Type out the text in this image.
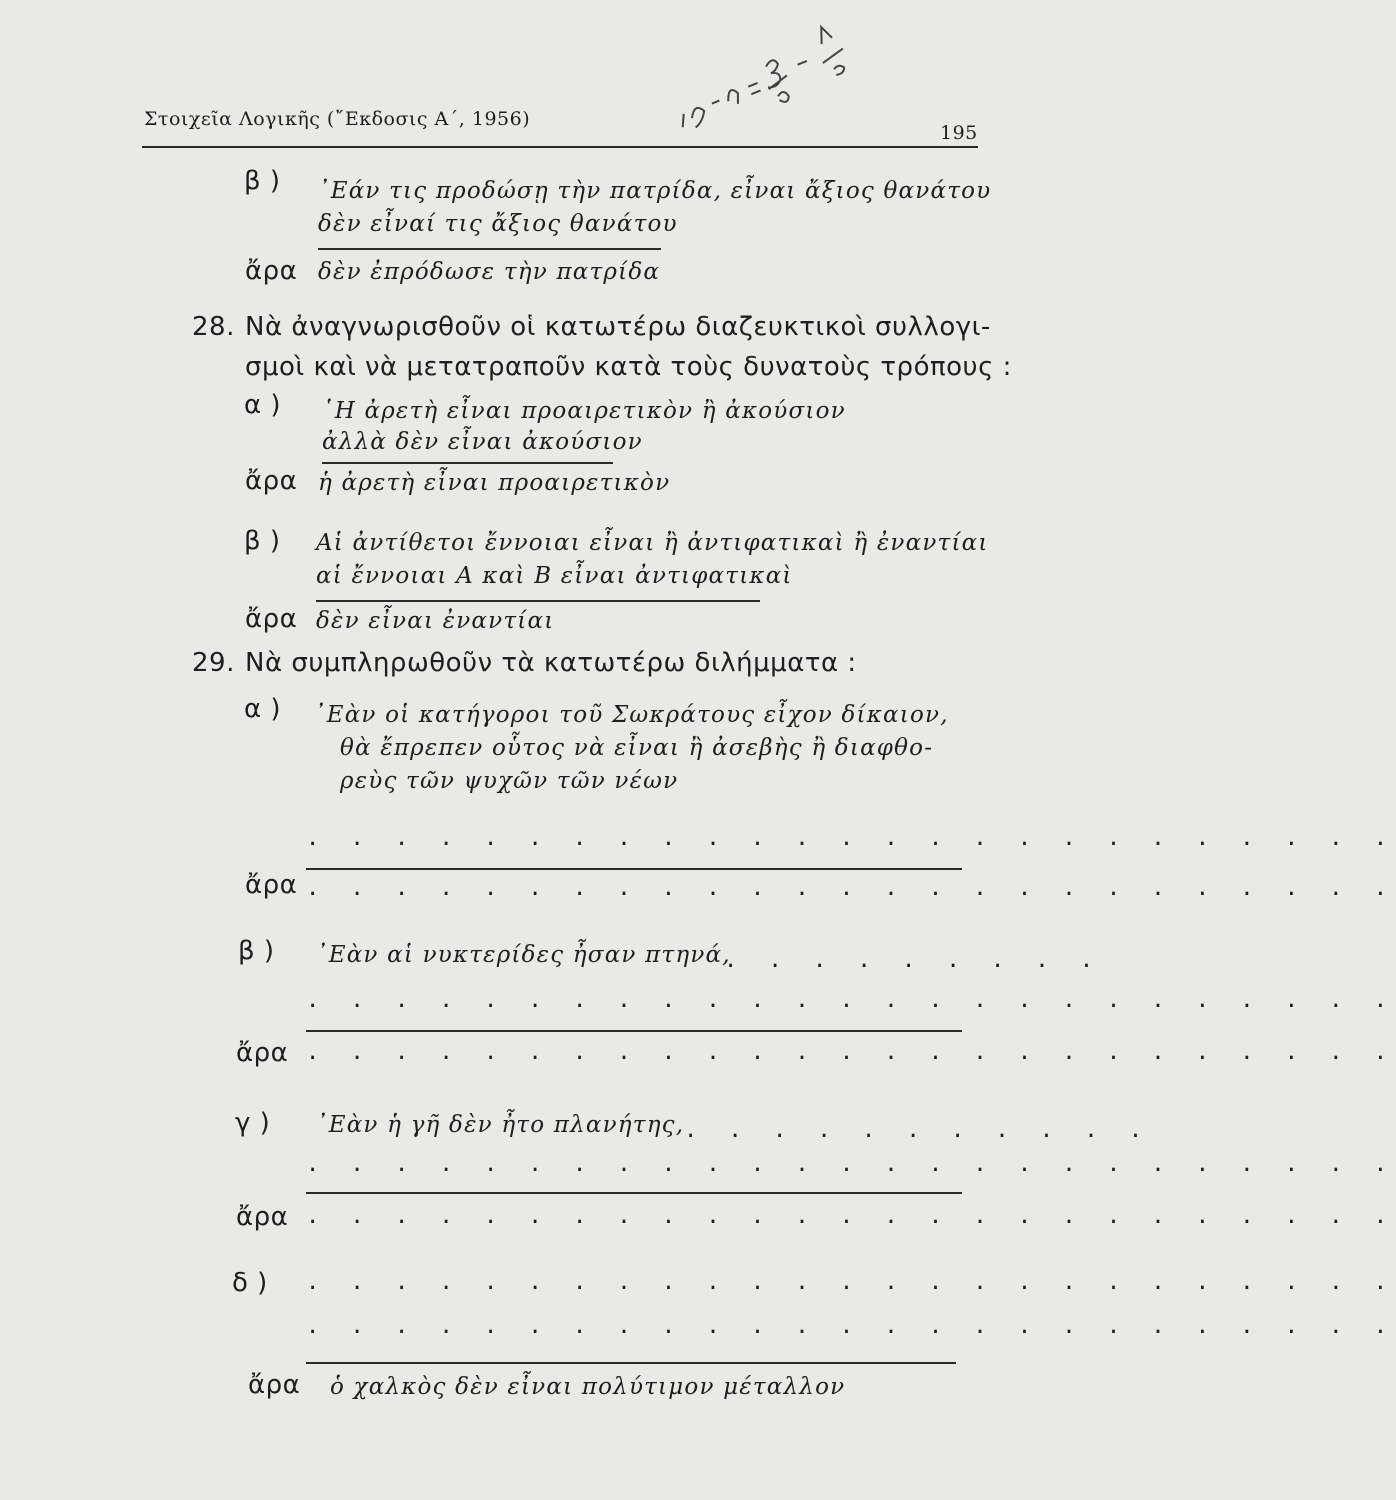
Στοιχεῖα Λογικῆς (῎Εκδοσις Α΄, 1956)
195
β ) ᾿Εάν τις προδώσῃ τὴν πατρίδα, εἶναι ἄξιος θανάτου
δὲν εἶναί τις ἄξιος θανάτου
ἄρα δὲν ἐπρόδωσε τὴν πατρίδα
28. Νὰ ἀναγνωρισθοῦν οἱ κατωτέρω διαζευκτικοὶ συλλογι-
σμοὶ καὶ νὰ μετατραποῦν κατὰ τοὺς δυνατοὺς τρόπους :
α ) ῾Η ἀρετὴ εἶναι προαιρετικὸν ἢ ἀκούσιον
ἀλλὰ δὲν εἶναι ἀκούσιον
ἄρα ἡ ἀρετὴ εἶναι προαιρετικὸν
β ) Αἱ ἀντίθετοι ἔννοιαι εἶναι ἢ ἀντιφατικαὶ ἢ ἐναντίαι
αἱ ἔννοιαι Α καὶ Β εἶναι ἀντιφατικαὶ
ἄρα δὲν εἶναι ἐναντίαι
29. Νὰ συμπληρωθοῦν τὰ κατωτέρω διλήμματα :
α ) ᾿Εὰν οἱ κατήγοροι τοῦ Σωκράτους εἶχον δίκαιον,
θὰ ἔπρεπεν οὗτος νὰ εἶναι ἢ ἀσεβὴς ἢ διαφθο-
ρεὺς τῶν ψυχῶν τῶν νέων
. . . . . . . . . . . . . . . . . . . . . . . . .
ἄρα . . . . . . . . . . . . . . . . . . . . . . . . .
β ) ᾿Εὰν αἱ νυκτερίδες ἦσαν πτηνά,
. . . . . . . . .
. . . . . . . . . . . . . . . . . . . . . . . . .
ἄρα . . . . . . . . . . . . . . . . . . . . . . . . .
γ ) ᾿Εὰν ἡ γῆ δὲν ἦτο πλανήτης, . . . . . . . . . . .
. . . . . . . . . . . . . . . . . . . . . . . . .
ἄρα . . . . . . . . . . . . . . . . . . . . . . . . .
δ ) . . . . . . . . . . . . . . . . . . . . . . . . .
. . . . . . . . . . . . . . . . . . . . . . . . .
ἄρα ὁ χαλκὸς δὲν εἶναι πολύτιμον μέταλλον
